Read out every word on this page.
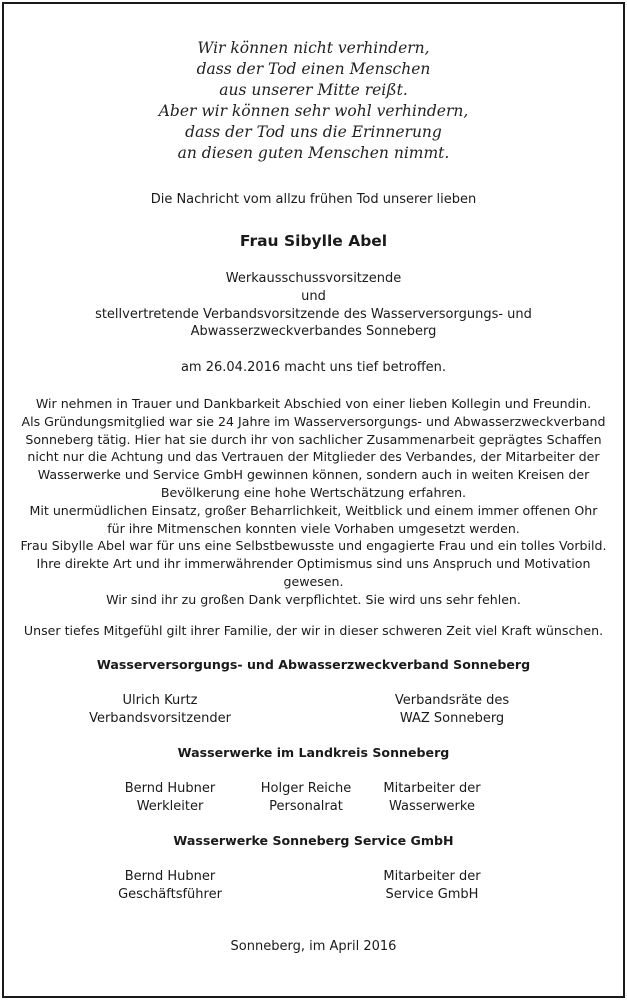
Wir können nicht verhindern,
dass der Tod einen Menschen
aus unserer Mitte reißt.
Aber wir können sehr wohl verhindern,
dass der Tod uns die Erinnerung
an diesen guten Menschen nimmt.
Die Nachricht vom allzu frühen Tod unserer lieben
Frau Sibylle Abel
Werkausschussvorsitzende
und
stellvertretende Verbandsvorsitzende des Wasserversorgungs- und
Abwasserzweckverbandes Sonneberg
am 26.04.2016 macht uns tief betroffen.
Wir nehmen in Trauer und Dankbarkeit Abschied von einer lieben Kollegin und Freundin.
Als Gründungsmitglied war sie 24 Jahre im Wasserversorgungs- und Abwasserzweckverband
Sonneberg tätig. Hier hat sie durch ihr von sachlicher Zusammenarbeit geprägtes Schaffen
nicht nur die Achtung und das Vertrauen der Mitglieder des Verbandes, der Mitarbeiter der
Wasserwerke und Service GmbH gewinnen können, sondern auch in weiten Kreisen der
Bevölkerung eine hohe Wertschätzung erfahren.
Mit unermüdlichen Einsatz, großer Beharrlichkeit, Weitblick und einem immer offenen Ohr
für ihre Mitmenschen konnten viele Vorhaben umgesetzt werden.
Frau Sibylle Abel war für uns eine Selbstbewusste und engagierte Frau und ein tolles Vorbild.
Ihre direkte Art und ihr immerwährender Optimismus sind uns Anspruch und Motivation
gewesen.
Wir sind ihr zu großen Dank verpflichtet. Sie wird uns sehr fehlen.
Unser tiefes Mitgefühl gilt ihrer Familie, der wir in dieser schweren Zeit viel Kraft wünschen.
Wasserversorgungs- und Abwasserzweckverband Sonneberg
Ulrich Kurtz
Verbandsvorsitzender
Verbandsräte des
WAZ Sonneberg
Wasserwerke im Landkreis Sonneberg
Bernd Hubner
Werkleiter
Holger Reiche
Personalrat
Mitarbeiter der
Wasserwerke
Wasserwerke Sonneberg Service GmbH
Bernd Hubner
Geschäftsführer
Mitarbeiter der
Service GmbH
Sonneberg, im April 2016
